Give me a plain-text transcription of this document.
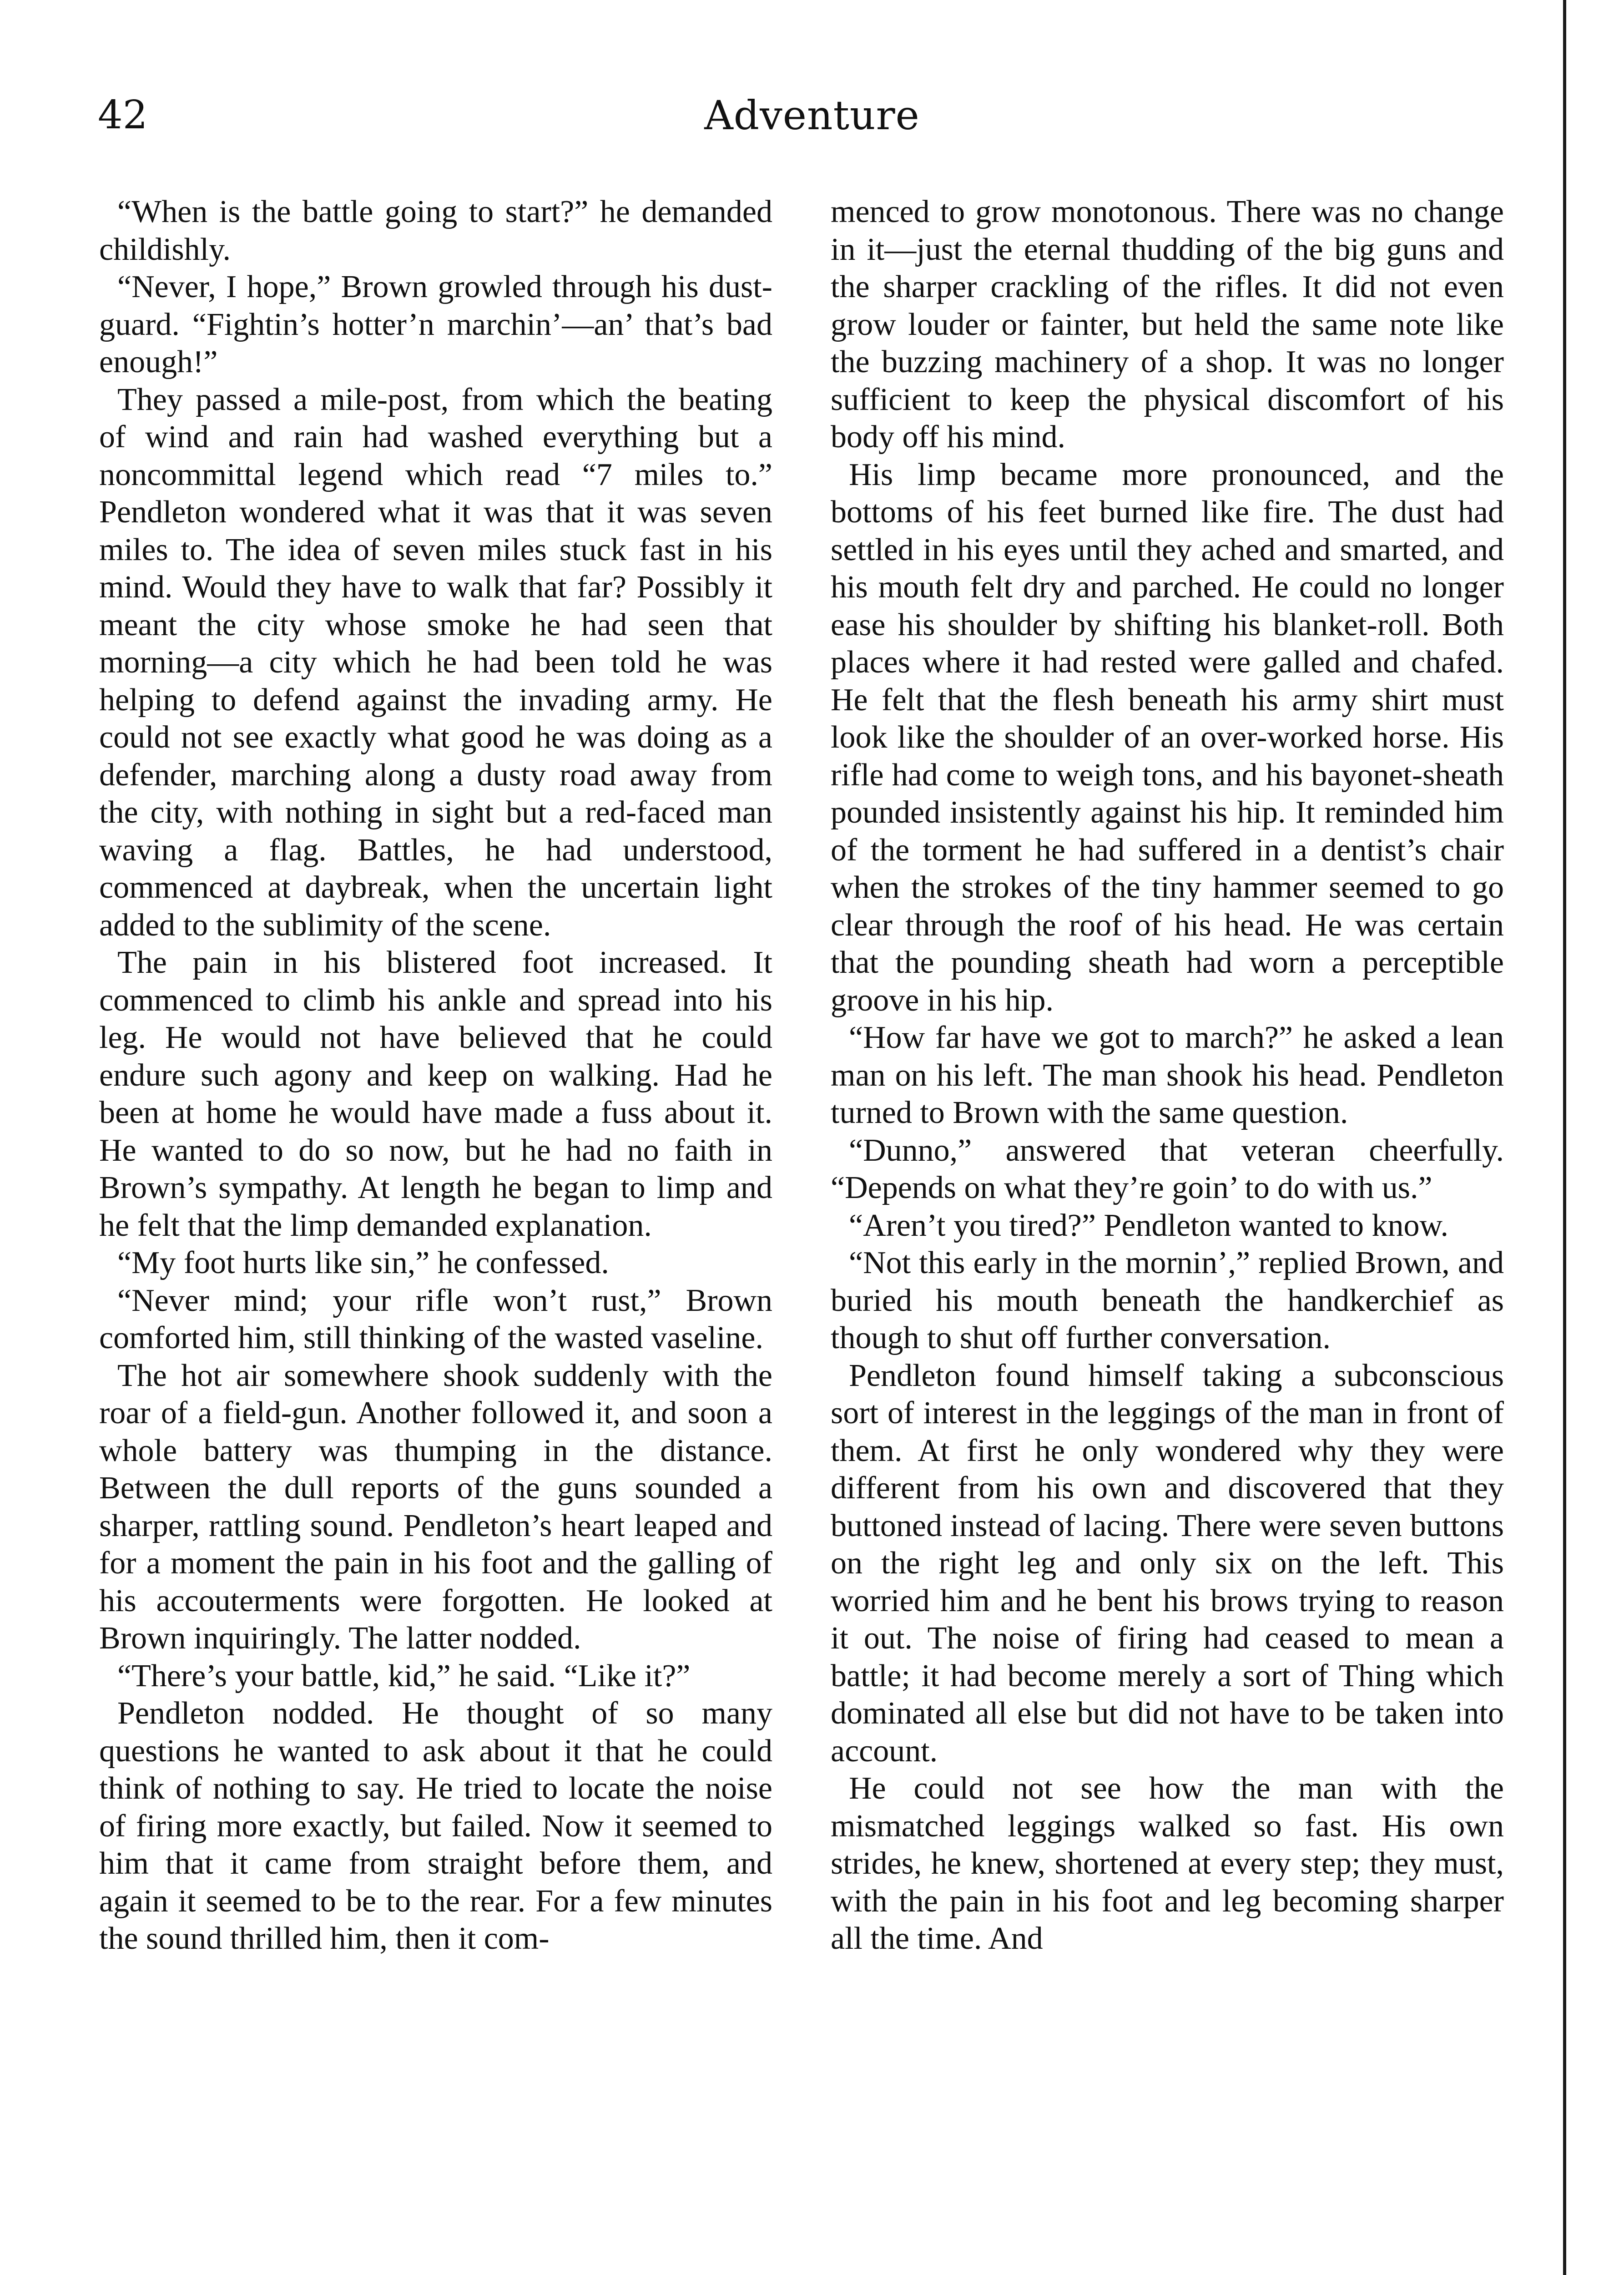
42	Adventure

“When is the battle going to start?” he demanded childishly.

“Never, I hope,” Brown growled through his dust-guard. “Fightin’s hotter’n marchin’—an’ that’s bad enough!”

They passed a mile-post, from which the beating of wind and rain had washed everything but a noncommittal legend which read “7 miles to.” Pendleton wondered what it was that it was seven miles to. The idea of seven miles stuck fast in his mind. Would they have to walk that far? Possibly it meant the city whose smoke he had seen that morning—a city which he had been told he was helping to defend against the invading army. He could not see exactly what good he was doing as a defender, marching along a dusty road away from the city, with nothing in sight but a red-faced man waving a flag. Battles, he had understood, commenced at daybreak, when the uncertain light added to the sublimity of the scene.

The pain in his blistered foot increased. It commenced to climb his ankle and spread into his leg. He would not have believed that he could endure such agony and keep on walking. Had he been at home he would have made a fuss about it. He wanted to do so now, but he had no faith in Brown’s sympathy. At length he began to limp and he felt that the limp demanded explanation.

“My foot hurts like sin,” he confessed.

“Never mind; your rifle won’t rust,” Brown comforted him, still thinking of the wasted vaseline.

The hot air somewhere shook suddenly with the roar of a field-gun. Another followed it, and soon a whole battery was thumping in the distance. Between the dull reports of the guns sounded a sharper, rattling sound. Pendleton’s heart leaped and for a moment the pain in his foot and the galling of his accouterments were forgotten. He looked at Brown inquiringly. The latter nodded.

“There’s your battle, kid,” he said. “Like it?”

Pendleton nodded. He thought of so many questions he wanted to ask about it that he could think of nothing to say. He tried to locate the noise of firing more exactly, but failed. Now it seemed to him that it came from straight before them, and again it seemed to be to the rear. For a few minutes the sound thrilled him, then it com-

menced to grow monotonous. There was no change in it—just the eternal thudding of the big guns and the sharper crackling of the rifles. It did not even grow louder or fainter, but held the same note like the buzzing machinery of a shop. It was no longer sufficient to keep the physical discomfort of his body off his mind.

His limp became more pronounced, and the bottoms of his feet burned like fire. The dust had settled in his eyes until they ached and smarted, and his mouth felt dry and parched. He could no longer ease his shoulder by shifting his blanket-roll. Both places where it had rested were galled and chafed. He felt that the flesh beneath his army shirt must look like the shoulder of an over-worked horse. His rifle had come to weigh tons, and his bayonet-sheath pounded insistently against his hip. It reminded him of the torment he had suffered in a dentist’s chair when the strokes of the tiny hammer seemed to go clear through the roof of his head. He was certain that the pounding sheath had worn a perceptible groove in his hip.

“How far have we got to march?” he asked a lean man on his left. The man shook his head. Pendleton turned to Brown with the same question.

“Dunno,” answered that veteran cheerfully. “Depends on what they’re goin’ to do with us.”

“Aren’t you tired?” Pendleton wanted to know.

“Not this early in the mornin’,” replied Brown, and buried his mouth beneath the handkerchief as though to shut off further conversation.

Pendleton found himself taking a subconscious sort of interest in the leggings of the man in front of them. At first he only wondered why they were different from his own and discovered that they buttoned instead of lacing. There were seven buttons on the right leg and only six on the left. This worried him and he bent his brows trying to reason it out. The noise of firing had ceased to mean a battle; it had become merely a sort of Thing which dominated all else but did not have to be taken into account.

He could not see how the man with the mismatched leggings walked so fast. His own strides, he knew, shortened at every step; they must, with the pain in his foot and leg becoming sharper all the time. And
